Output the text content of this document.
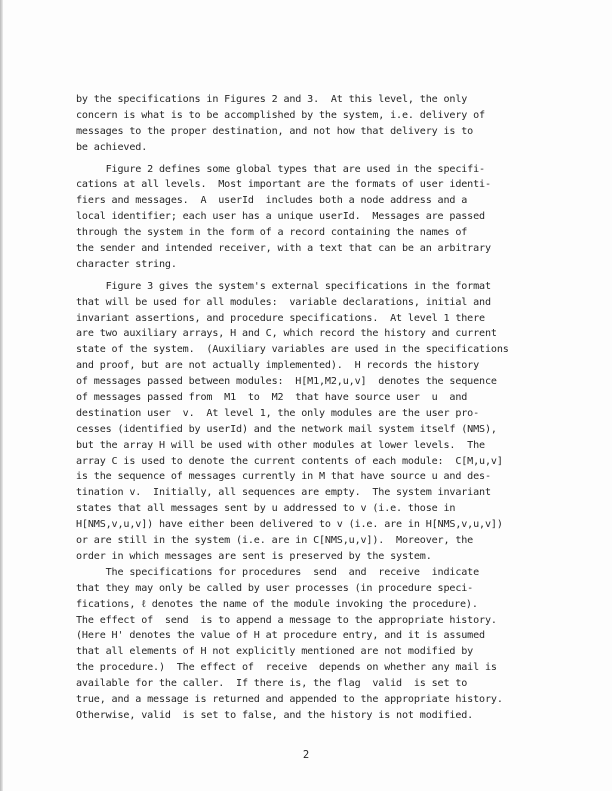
by the specifications in Figures 2 and 3.  At this level, the only
concern is what is to be accomplished by the system, i.e. delivery of
messages to the proper destination, and not how that delivery is to
be achieved.

Figure 2 defines some global types that are used in the specifi-
cations at all levels.  Most important are the formats of user identi-
fiers and messages.  A  userId  includes both a node address and a
local identifier; each user has a unique userId.  Messages are passed
through the system in the form of a record containing the names of
the sender and intended receiver, with a text that can be an arbitrary
character string.

Figure 3 gives the system's external specifications in the format
that will be used for all modules:  variable declarations, initial and
invariant assertions, and procedure specifications.  At level 1 there
are two auxiliary arrays, H and C, which record the history and current
state of the system.  (Auxiliary variables are used in the specifications
and proof, but are not actually implemented).  H records the history
of messages passed between modules:  H[M1,M2,u,v]  denotes the sequence
of messages passed from  M1  to  M2  that have source user  u  and
destination user  v.  At level 1, the only modules are the user pro-
cesses (identified by userId) and the network mail system itself (NMS),
but the array H will be used with other modules at lower levels.  The
array C is used to denote the current contents of each module:  C[M,u,v]
is the sequence of messages currently in M that have source u and des-
tination v.  Initially, all sequences are empty.  The system invariant
states that all messages sent by u addressed to v (i.e. those in
H[NMS,v,u,v]) have either been delivered to v (i.e. are in H[NMS,v,u,v])
or are still in the system (i.e. are in C[NMS,u,v]).  Moreover, the
order in which messages are sent is preserved by the system.
The specifications for procedures  send  and  receive  indicate
that they may only be called by user processes (in procedure speci-
fications, ℓ denotes the name of the module invoking the procedure).
The effect of  send  is to append a message to the appropriate history.
(Here H' denotes the value of H at procedure entry, and it is assumed
that all elements of H not explicitly mentioned are not modified by
the procedure.)  The effect of  receive  depends on whether any mail is
available for the caller.  If there is, the flag  valid  is set to
true, and a message is returned and appended to the appropriate history.
Otherwise, valid  is set to false, and the history is not modified.

2
